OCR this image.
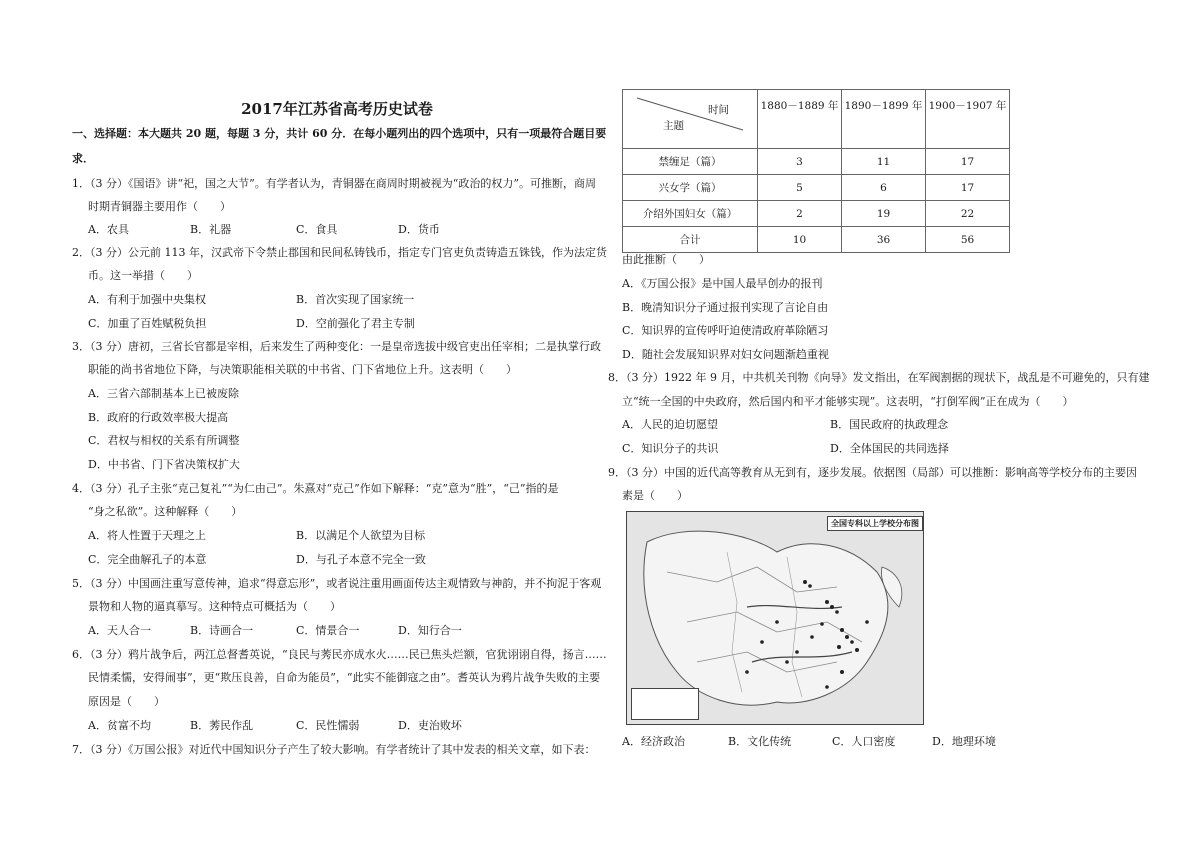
2017年江苏省高考历史试卷
一、选择题：本大题共 20 题，每题 3 分，共计 60 分．在每小题列出的四个选项中，只有一项最符合题目要
求．
1．（3 分）《国语》讲“祀，国之大节”。有学者认为，青铜器在商周时期被视为“政治的权力”。可推断，商周
时期青铜器主要用作（　　）
A．农具	B．礼器	C．食具	D．货币
2．（3 分）公元前 113 年，汉武帝下令禁止郡国和民间私铸钱币，指定专门官吏负责铸造五铢钱，作为法定货
币。这一举措（　　）
A．有利于加强中央集权	B．首次实现了国家统一
C．加重了百姓赋税负担	D．空前强化了君主专制
3．（3 分）唐初，三省长官都是宰相，后来发生了两种变化：一是皇帝选拔中级官吏出任宰相；二是执掌行政
职能的尚书省地位下降，与决策职能相关联的中书省、门下省地位上升。这表明（　　）
A．三省六部制基本上已被废除
B．政府的行政效率极大提高
C．君权与相权的关系有所调整
D．中书省、门下省决策权扩大
4．（3 分）孔子主张“克己复礼”“为仁由己”。朱熹对“克己”作如下解释：“克”意为“胜”，“己”指的是
“身之私欲”。这种解释（　　）
A．将人性置于天理之上	B．以满足个人欲望为目标
C．完全曲解孔子的本意	D．与孔子本意不完全一致
5．（3 分）中国画注重写意传神，追求“得意忘形”，或者说注重用画面传达主观情致与神韵，并不拘泥于客观
景物和人物的逼真摹写。这种特点可概括为（　　）
A．天人合一	B．诗画合一	C．情景合一	D．知行合一
6．（3 分）鸦片战争后，两江总督耆英说，“良民与莠民亦成水火……民已焦头烂额，官犹诩诩自得，扬言……
民情柔懦，安得闹事”，更“欺压良善，自命为能员”，“此实不能御寇之由”。耆英认为鸦片战争失败的主要
原因是（　　）
A．贫富不均	B．莠民作乱	C．民性懦弱	D．吏治败坏
7．（3 分）《万国公报》对近代中国知识分子产生了较大影响。有学者统计了其中发表的相关文章，如下表：
时间
主题	1880－1889 年	1890－1899 年	1900－1907 年
禁缠足（篇）	3	11	17
兴女学（篇）	5	6	17
介绍外国妇女（篇）	2	19	22
合计	10	36	56
由此推断（　　）
A．《万国公报》是中国人最早创办的报刊
B．晚清知识分子通过报刊实现了言论自由
C．知识界的宣传呼吁迫使清政府革除陋习
D．随社会发展知识界对妇女问题渐趋重视
8．（3 分）1922 年 9 月，中共机关刊物《向导》发文指出，在军阀割据的现状下，战乱是不可避免的，只有建
立“统一全国的中央政府，然后国内和平才能够实现”。这表明，“打倒军阀”正在成为（　　）
A．人民的迫切愿望	B．国民政府的执政理念
C．知识分子的共识	D．全体国民的共同选择
9．（3 分）中国的近代高等教育从无到有，逐步发展。依据图（局部）可以推断：影响高等学校分布的主要因
素是（　　）
全国专科以上学校分布图
A．经济政治	B．文化传统	C．人口密度	D．地理环境
